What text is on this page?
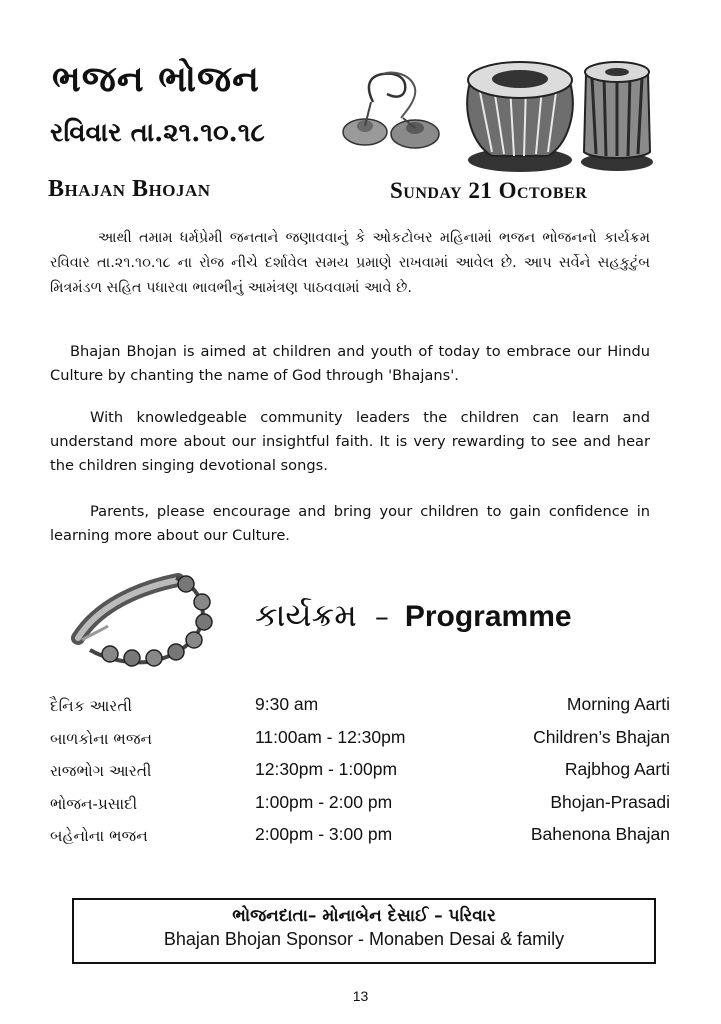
ભજન ભોજન
રવિવાર તા.૨૧.૧૦.૧૮
Bhajan Bhojan	Sunday 21 October
આથી તમામ ધર્મપ્રેમી જનતાને જણાવવાનું કે ઓકટોબર મહિનામાં ભજન ભોજનનો કાર્યક્રમ રવિવાર તા.૨૧.૧૦.૧૮ ના રોજ નીચે દર્શાવેલ સમય પ્રમાણે રાખવામાં આવેલ છે. આપ સર્વેને સહકુટુંબ મિત્રમંડળ સહિત પધારવા ભાવભીનું આમંત્રણ પાઠવવામાં આવે છે.
Bhajan Bhojan is aimed at children and youth of today to embrace our Hindu Culture by chanting the name of God through 'Bhajans'.
With knowledgeable community leaders the children can learn and understand more about our insightful faith. It is very rewarding to see and hear the children singing devotional songs.
Parents, please encourage and bring your children to gain confidence in learning more about our Culture.
કાર્યક્રમ – Programme
દૈનિક આરતી	9:30 am	Morning Aarti
બાળકોના ભજન	11:00am - 12:30pm	Children’s Bhajan
રાજભોગ આરતી	12:30pm - 1:00pm	Rajbhog Aarti
ભોજન-પ્રસાદી	1:00pm - 2:00 pm	Bhojan-Prasadi
બહેનોના ભજન	2:00pm - 3:00 pm	Bahenona Bhajan
ભોજનદાતા– મોનાબેન દેસાઈ – પરિવાર
Bhajan Bhojan Sponsor - Monaben Desai & family
13
